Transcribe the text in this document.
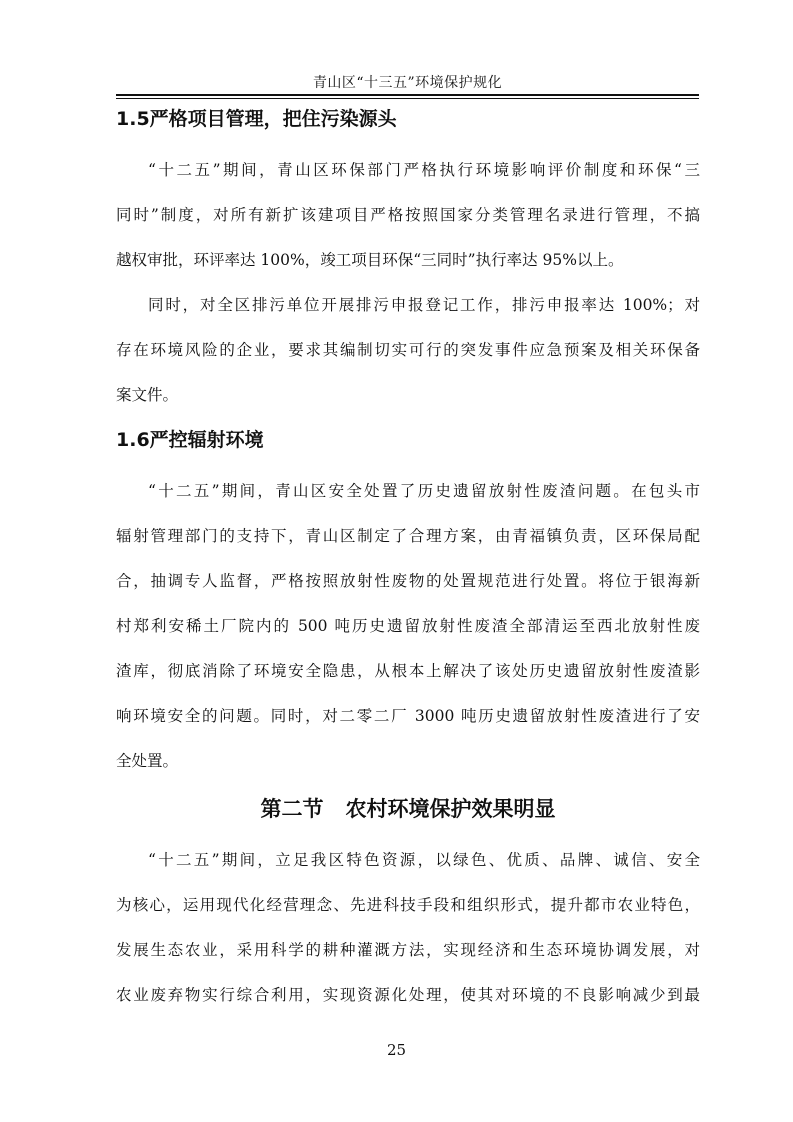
青山区“十三五”环境保护规化
1.5严格项目管理，把住污染源头
“十二五”期间，青山区环保部门严格执行环境影响评价制度和环保“三
同时”制度，对所有新扩该建项目严格按照国家分类管理名录进行管理，不搞
越权审批，环评率达 100%，竣工项目环保“三同时”执行率达 95%以上。
同时，对全区排污单位开展排污申报登记工作，排污申报率达 100%；对
存在环境风险的企业，要求其编制切实可行的突发事件应急预案及相关环保备
案文件。
1.6严控辐射环境
“十二五”期间，青山区安全处置了历史遗留放射性废渣问题。在包头市
辐射管理部门的支持下，青山区制定了合理方案，由青福镇负责，区环保局配
合，抽调专人监督，严格按照放射性废物的处置规范进行处置。将位于银海新
村郑利安稀土厂院内的 500 吨历史遗留放射性废渣全部清运至西北放射性废
渣库，彻底消除了环境安全隐患，从根本上解决了该处历史遗留放射性废渣影
响环境安全的问题。同时，对二零二厂 3000 吨历史遗留放射性废渣进行了安
全处置。
第二节   农村环境保护效果明显
“十二五”期间，立足我区特色资源，以绿色、优质、品牌、诚信、安全
为核心，运用现代化经营理念、先进科技手段和组织形式，提升都市农业特色，
发展生态农业，采用科学的耕种灌溉方法，实现经济和生态环境协调发展，对
农业废弃物实行综合利用，实现资源化处理，使其对环境的不良影响减少到最
25
